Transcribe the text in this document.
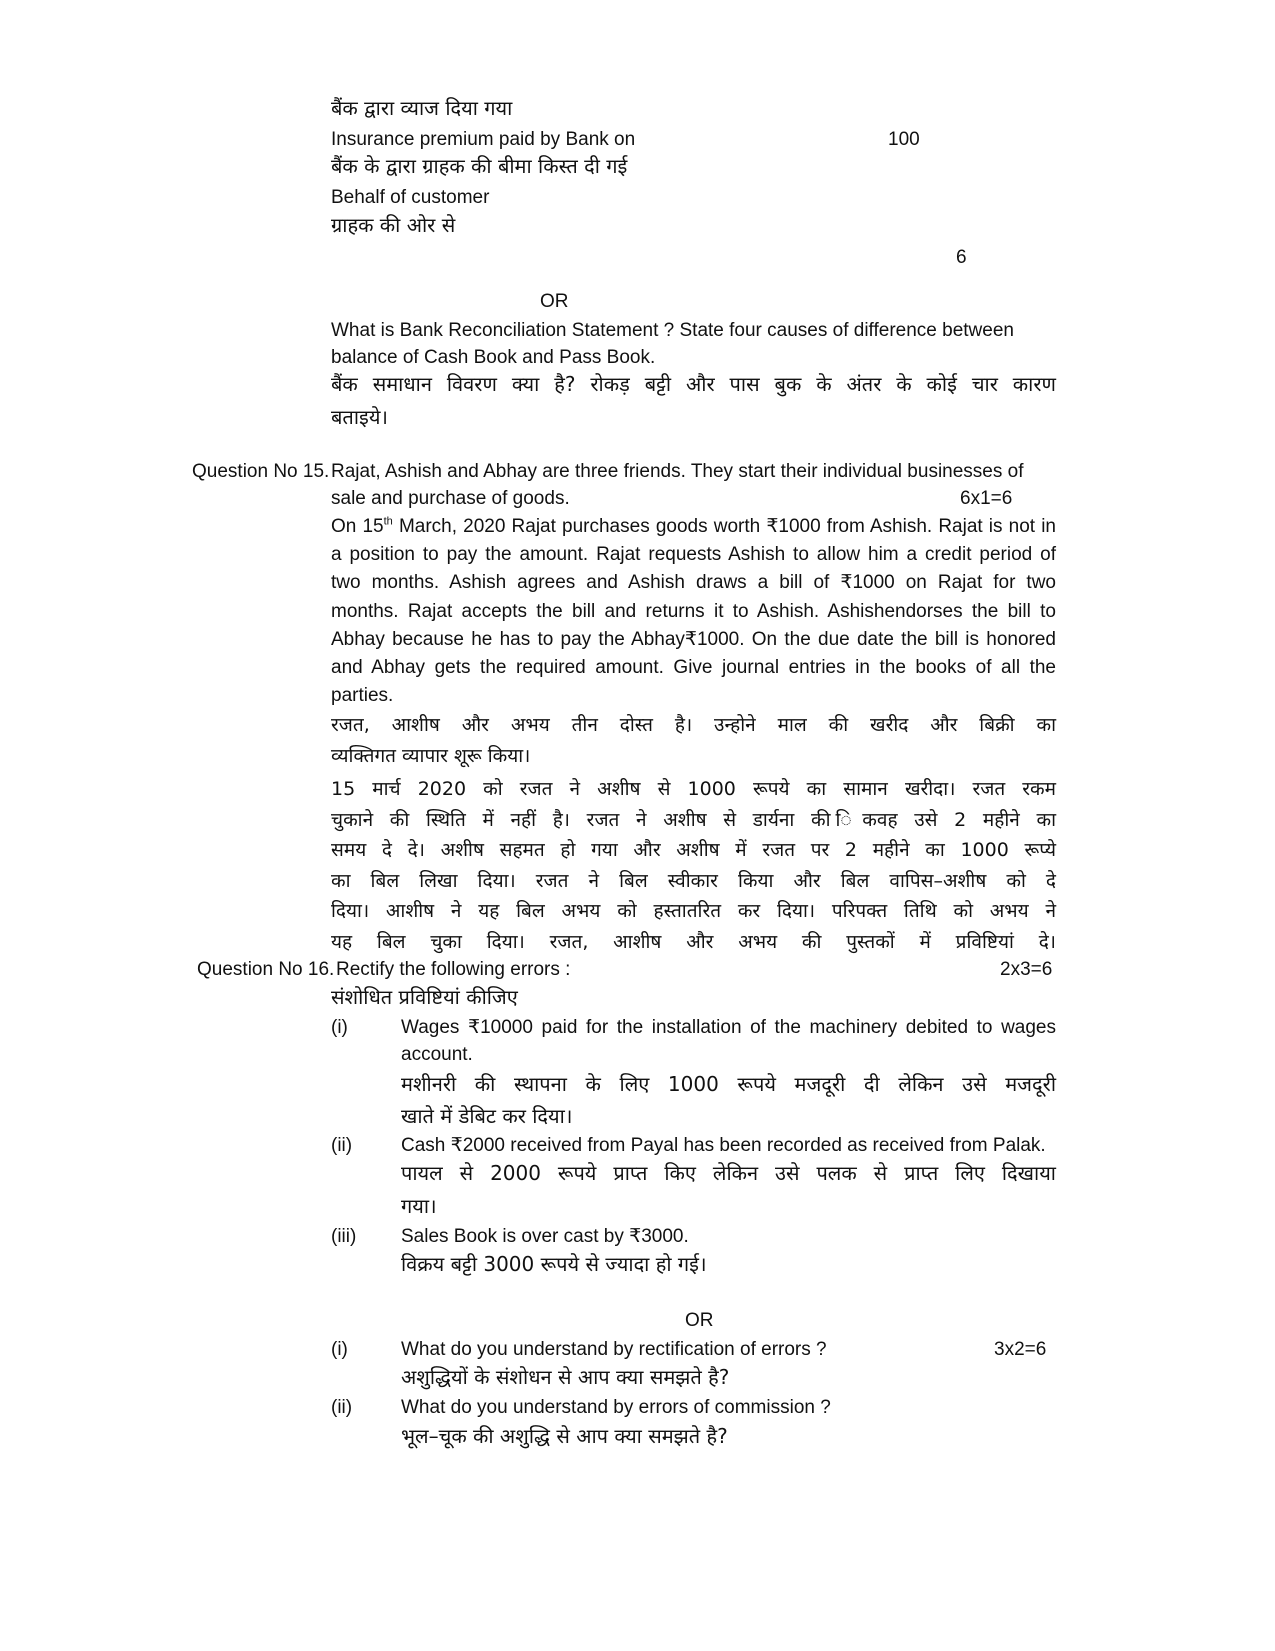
बैंक द्वारा व्याज दिया गया
Insurance premium paid by Bank on	100
बैंक के द्वारा ग्राहक की बीमा किस्त दी गई
Behalf of customer
ग्राहक की ओर से
6
OR
What is Bank Reconciliation Statement ? State four causes of difference between
balance of Cash Book and Pass Book.
बैंक समाधान विवरण क्या है? रोकड़ बट्टी और पास बुक के अंतर के कोई चार कारण
बताइये।
Question No 15. Rajat, Ashish and Abhay are three friends. They start their individual businesses of
sale and purchase of goods.	6x1=6
On 15th March, 2020 Rajat purchases goods worth ₹1000 from Ashish. Rajat is not in
a position to pay the amount. Rajat requests Ashish to allow him a credit period of
two months. Ashish agrees and Ashish draws a bill of ₹1000 on Rajat for two
months. Rajat accepts the bill and returns it to Ashish. Ashishendorses the bill to
Abhay because he has to pay the Abhay₹1000. On the due date the bill is honored
and Abhay gets the required amount. Give journal entries in the books of all the
parties.
रजत, आशीष और अभय तीन दोस्त है। उन्होने माल की खरीद और बिक्री का
व्यक्तिगत व्यापार शूरू किया।
15 मार्च 2020 को रजत ने अशीष से 1000 रूपये का सामान खरीदा। रजत रकम
चुकाने की स्थिति में नहीं है। रजत ने अशीष से डार्यना की िकवह उसे 2 महीने का
समय दे दे। अशीष सहमत हो गया और अशीष में रजत पर 2 महीने का 1000 रूप्ये
का बिल लिखा दिया। रजत ने बिल स्वीकार किया और बिल वापिस–अशीष को दे
दिया। आशीष ने यह बिल अभय को हस्तातरित कर दिया। परिपक्त तिथि को अभय ने
यह बिल चुका दिया। रजत, आशीष और अभय की पुस्तकों में प्रविष्टियां दे।
Question No 16. Rectify the following errors :	2x3=6
संशोधित प्रविष्टियां कीजिए
(i)	Wages ₹10000 paid for the installation of the machinery debited to wages
account.
मशीनरी की स्थापना के लिए 1000 रूपये मजदूरी दी लेकिन उसे मजदूरी
खाते में डेबिट कर दिया।
(ii)	Cash ₹2000 received from Payal has been recorded as received from Palak.
पायल से 2000 रूपये प्राप्त किए लेकिन उसे पलक से प्राप्त लिए दिखाया
गया।
(iii) Sales Book is over cast by ₹3000.
विक्रय बट्टी 3000 रूपये से ज्यादा हो गई।
OR
(i)	What do you understand by rectification of errors ?	3x2=6
अशुद्धियों के संशोधन से आप क्या समझते है?
(ii)	What do you understand by errors of commission ?
भूल–चूक की अशुद्धि से आप क्या समझते है?
